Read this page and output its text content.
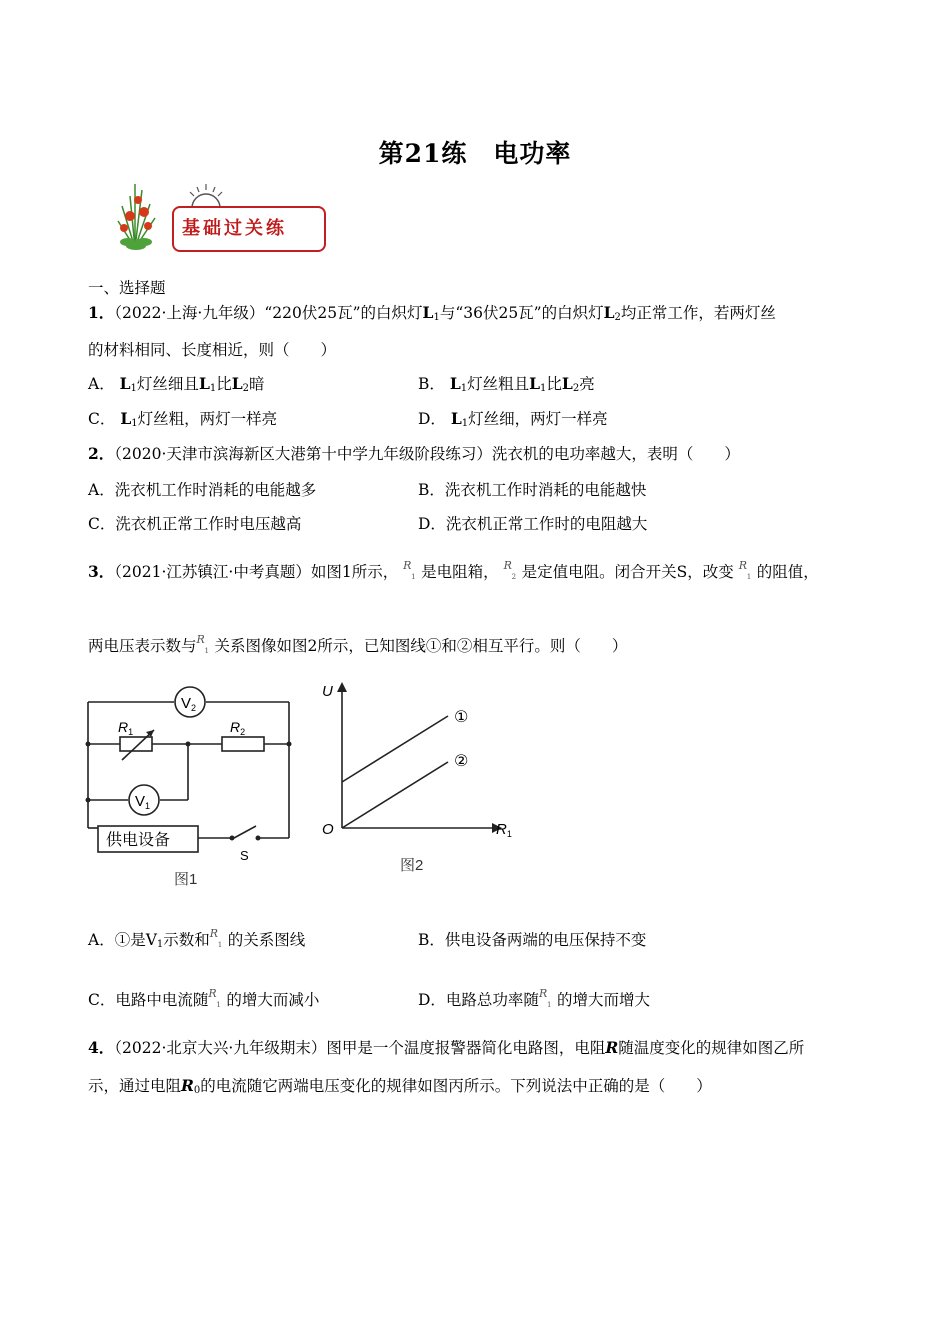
第21练　电功率
基础过关练
一、选择题
1．（2022·上海·九年级）“220伏25瓦”的白炽灯$L_1$与“36伏25瓦”的白炽灯$L_2$均正常工作，若两灯丝
的材料相同、长度相近，则（　　）
A． $L_1$灯丝细且$L_1$比$L_2$暗	B． $L_1$灯丝粗且$L_1$比$L_2$亮
C． $L_1$灯丝粗，两灯一样亮	D． $L_1$灯丝细，两灯一样亮
2．（2020·天津市滨海新区大港第十中学九年级阶段练习）洗衣机的电功率越大，表明（　　）
A．洗衣机工作时消耗的电能越多	B．洗衣机工作时消耗的电能越快
C．洗衣机正常工作时电压越高	D．洗衣机正常工作时的电阻越大
3．（2021·江苏镇江·中考真题）如图1所示， R
1 是电阻箱， R
2 是定值电阻。闭合开关S，改变 R
1 的阻值，
两电压表示数与R
1 关系图像如图2所示，已知图线①和②相互平行。则（　　）
$V_2$
$V_1$
$R_1$	$R_2$
供电设备
S
图1
U
O	$R_1$
①
②
图2
A．①是$V_1$示数和R
1 的关系图线	B．供电设备两端的电压保持不变
C．电路中电流随R
1 的增大而减小	D．电路总功率随R
1 的增大而增大
4．（2022·北京大兴·九年级期末）图甲是一个温度报警器简化电路图，电阻R随温度变化的规律如图乙所
示，通过电阻$R_0$的电流随它两端电压变化的规律如图丙所示。下列说法中正确的是（　　）
